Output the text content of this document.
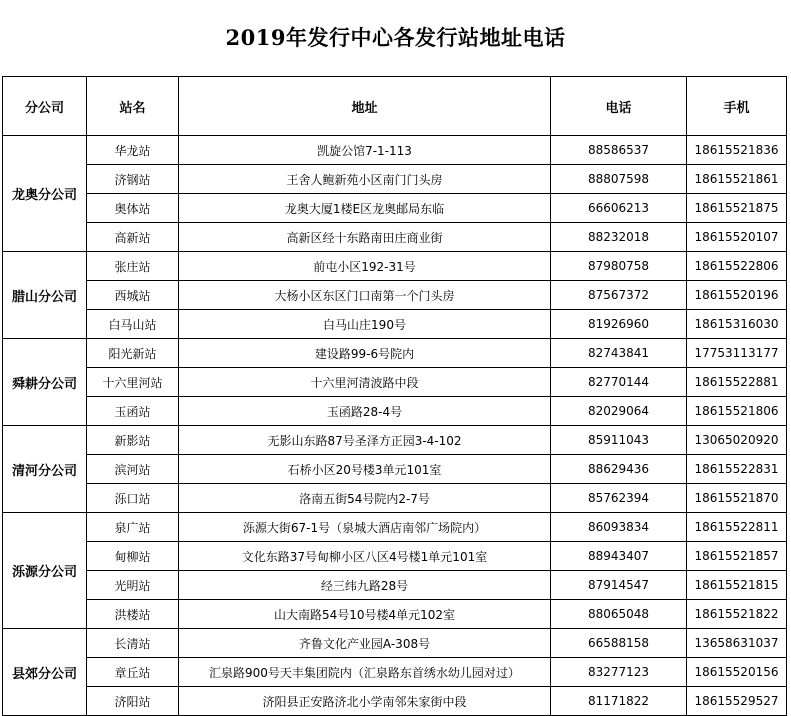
2019年发行中心各发行站地址电话
分公司	站名	地址	电话	手机
龙奥分公司	华龙站	凯旋公馆7-1-113	88586537	18615521836
	济钢站	王舍人鲍新苑小区南门门头房	88807598	18615521861
	奥体站	龙奥大厦1楼E区龙奥邮局东临	66606213	18615521875
	高新站	高新区经十东路南田庄商业街	88232018	18615520107
腊山分公司	张庄站	前屯小区192-31号	87980758	18615522806
	西城站	大杨小区东区门口南第一个门头房	87567372	18615520196
	白马山站	白马山庄190号	81926960	18615316030
舜耕分公司	阳光新站	建设路99-6号院内	82743841	17753113177
	十六里河站	十六里河清波路中段	82770144	18615522881
	玉函站	玉函路28-4号	82029064	18615521806
清河分公司	新影站	无影山东路87号圣泽方正园3-4-102	85911043	13065020920
	滨河站	石桥小区20号楼3单元101室	88629436	18615522831
	泺口站	洛南五街54号院内2-7号	85762394	18615521870
泺源分公司	泉广站	泺源大街67-1号（泉城大酒店南邻广场院内）	86093834	18615522811
	甸柳站	文化东路37号甸柳小区八区4号楼1单元101室	88943407	18615521857
	光明站	经三纬九路28号	87914547	18615521815
	洪楼站	山大南路54号10号楼4单元102室	88065048	18615521822
县郊分公司	长清站	齐鲁文化产业园A-308号	66588158	13658631037
	章丘站	汇泉路900号天丰集团院内（汇泉路东首绣水幼儿园对过）	83277123	18615520156
	济阳站	济阳县正安路济北小学南邻朱家街中段	81171822	18615529527
